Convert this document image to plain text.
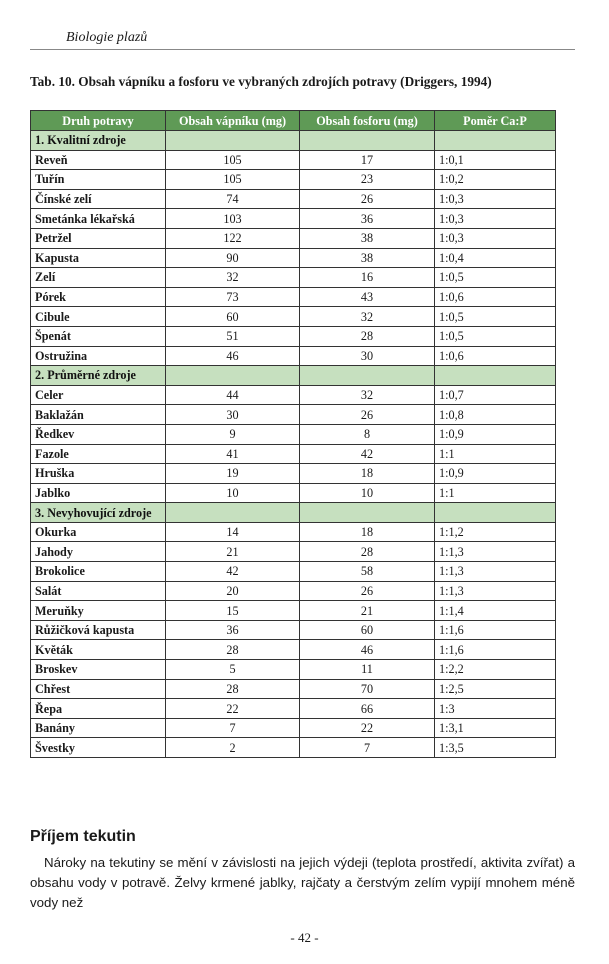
Biologie plazů
Tab. 10. Obsah vápníku a fosforu ve vybraných zdrojích potravy (Driggers, 1994)
Druh potravy	Obsah vápníku (mg)	Obsah fosforu (mg)	Poměr Ca:P
1. Kvalitní zdroje			
Reveň	105	17	1:0,1
Tuřín	105	23	1:0,2
Čínské zelí	74	26	1:0,3
Smetánka lékařská	103	36	1:0,3
Petržel	122	38	1:0,3
Kapusta	90	38	1:0,4
Zelí	32	16	1:0,5
Pórek	73	43	1:0,6
Cibule	60	32	1:0,5
Špenát	51	28	1:0,5
Ostružina	46	30	1:0,6
2. Průměrné zdroje			
Celer	44	32	1:0,7
Baklažán	30	26	1:0,8
Ředkev	9	8	1:0,9
Fazole	41	42	1:1
Hruška	19	18	1:0,9
Jablko	10	10	1:1
3. Nevyhovující zdroje			
Okurka	14	18	1:1,2
Jahody	21	28	1:1,3
Brokolice	42	58	1:1,3
Salát	20	26	1:1,3
Meruňky	15	21	1:1,4
Růžičková kapusta	36	60	1:1,6
Květák	28	46	1:1,6
Broskev	5	11	1:2,2
Chřest	28	70	1:2,5
Řepa	22	66	1:3
Banány	7	22	1:3,1
Švestky	2	7	1:3,5
Příjem tekutin
Nároky na tekutiny se mění v závislosti na jejich výdeji (teplota prostředí, aktivita zvířat) a obsahu vody v potravě. Želvy krmené jablky, rajčaty a čerstvým zelím vypijí mnohem méně vody než
- 42 -
